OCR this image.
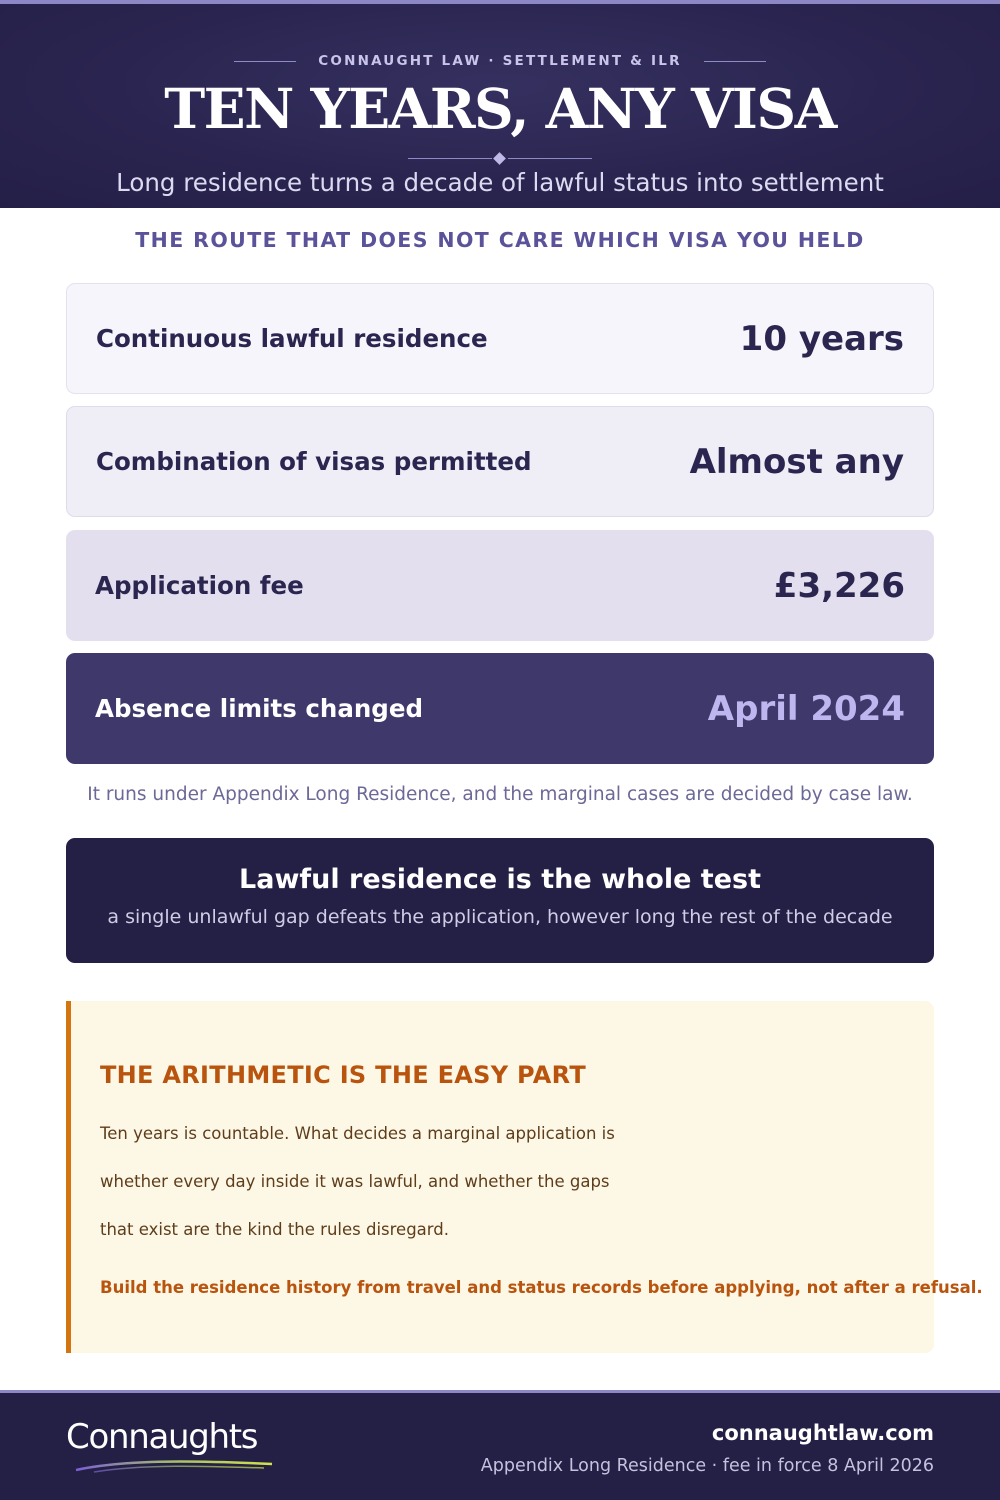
CONNAUGHT LAW · SETTLEMENT & ILR
TEN YEARS, ANY VISA
Long residence turns a decade of lawful status into settlement
THE ROUTE THAT DOES NOT CARE WHICH VISA YOU HELD
Continuous lawful residence	10 years
Combination of visas permitted	Almost any
Application fee	£3,226
Absence limits changed	April 2024
It runs under Appendix Long Residence, and the marginal cases are decided by case law.
Lawful residence is the whole test
a single unlawful gap defeats the application, however long the rest of the decade
THE ARITHMETIC IS THE EASY PART
Ten years is countable. What decides a marginal application is
whether every day inside it was lawful, and whether the gaps
that exist are the kind the rules disregard.
Build the residence history from travel and status records before applying, not after a refusal.
Connaughts	connaughtlaw.com
Appendix Long Residence · fee in force 8 April 2026
